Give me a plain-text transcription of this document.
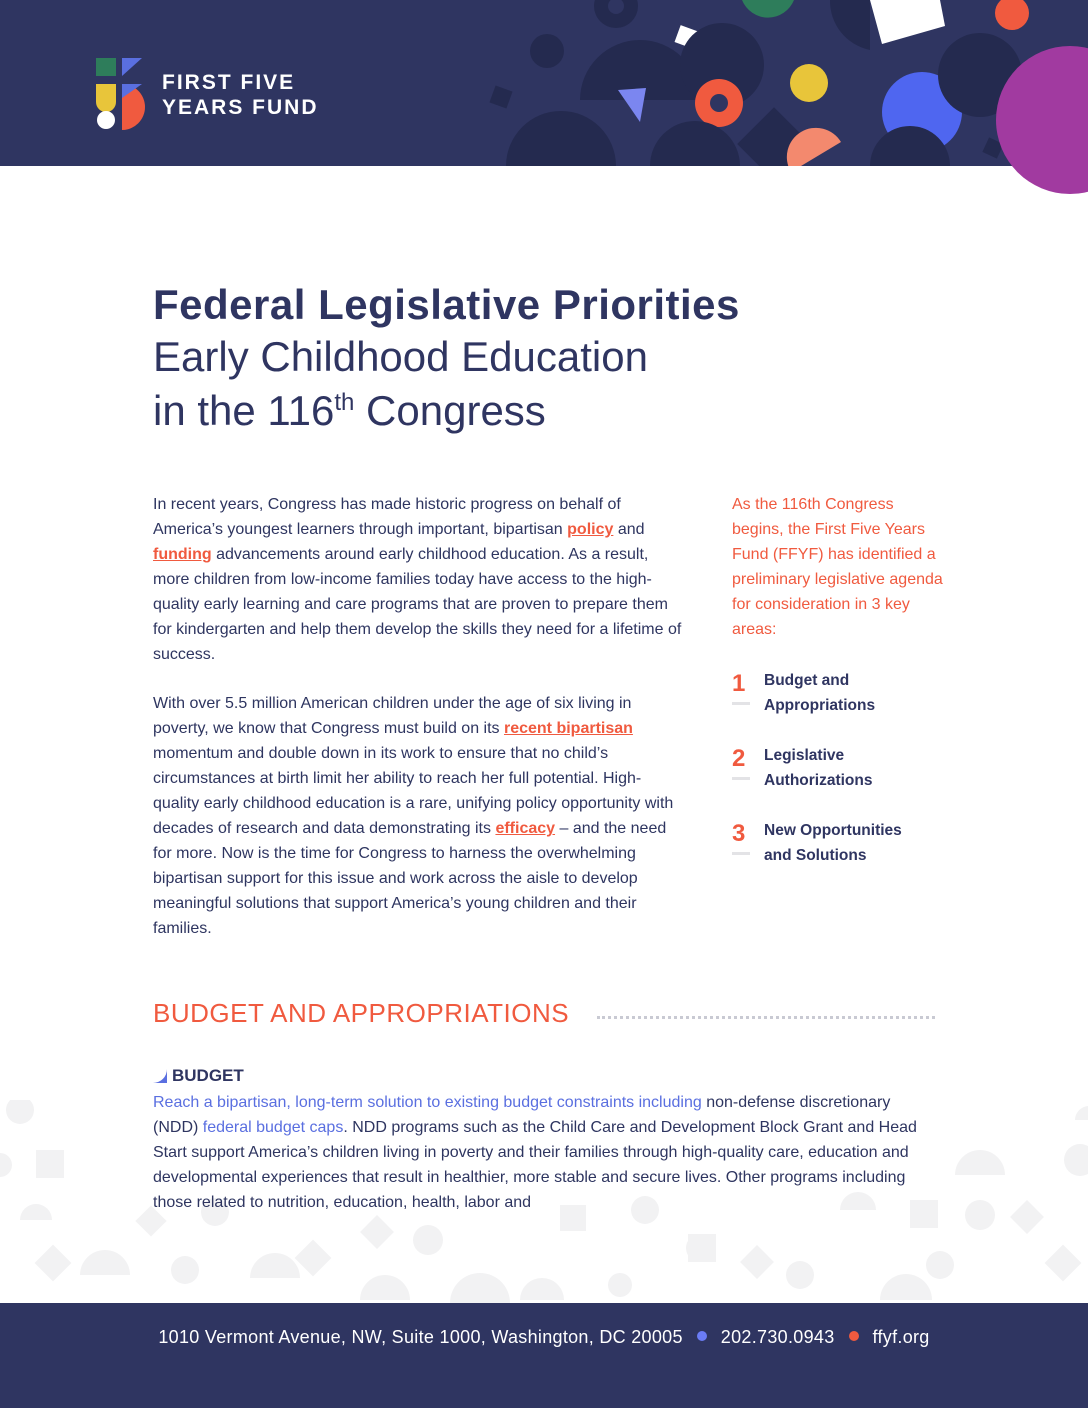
FIRST FIVE
YEARS FUND
Federal Legislative Priorities
Early Childhood Education
in the 116th Congress

In recent years, Congress has made historic progress on behalf of America’s youngest learners through important, bipartisan policy and funding advancements around early childhood education. As a result, more children from low-income families today have access to the high-quality early learning and care programs that are proven to prepare them for kindergarten and help them develop the skills they need for a lifetime of success.

With over 5.5 million American children under the age of six living in poverty, we know that Congress must build on its recent bipartisan momentum and double down in its work to ensure that no child’s circumstances at birth limit her ability to reach her full potential. High-quality early childhood education is a rare, unifying policy opportunity with decades of research and data demonstrating its efficacy – and the need for more. Now is the time for Congress to harness the overwhelming bipartisan support for this issue and work across the aisle to develop meaningful solutions that support America’s young children and their families.

As the 116th Congress begins, the First Five Years Fund (FFYF) has identified a preliminary legislative agenda for consideration in 3 key areas:

1 Budget and
Appropriations
2 Legislative
Authorizations
3 New Opportunities
and Solutions
BUDGET AND APPROPRIATIONS
BUDGET

Reach a bipartisan, long-term solution to existing budget constraints including non-defense discretionary (NDD) federal budget caps. NDD programs such as the Child Care and Development Block Grant and Head Start support America’s children living in poverty and their families through high-quality care, education and developmental experiences that result in healthier, more stable and secure lives. Other programs including those related to nutrition, education, health, labor and

1010 Vermont Avenue, NW, Suite 1000, Washington, DC 20005 202.730.0943 ffyf.org
